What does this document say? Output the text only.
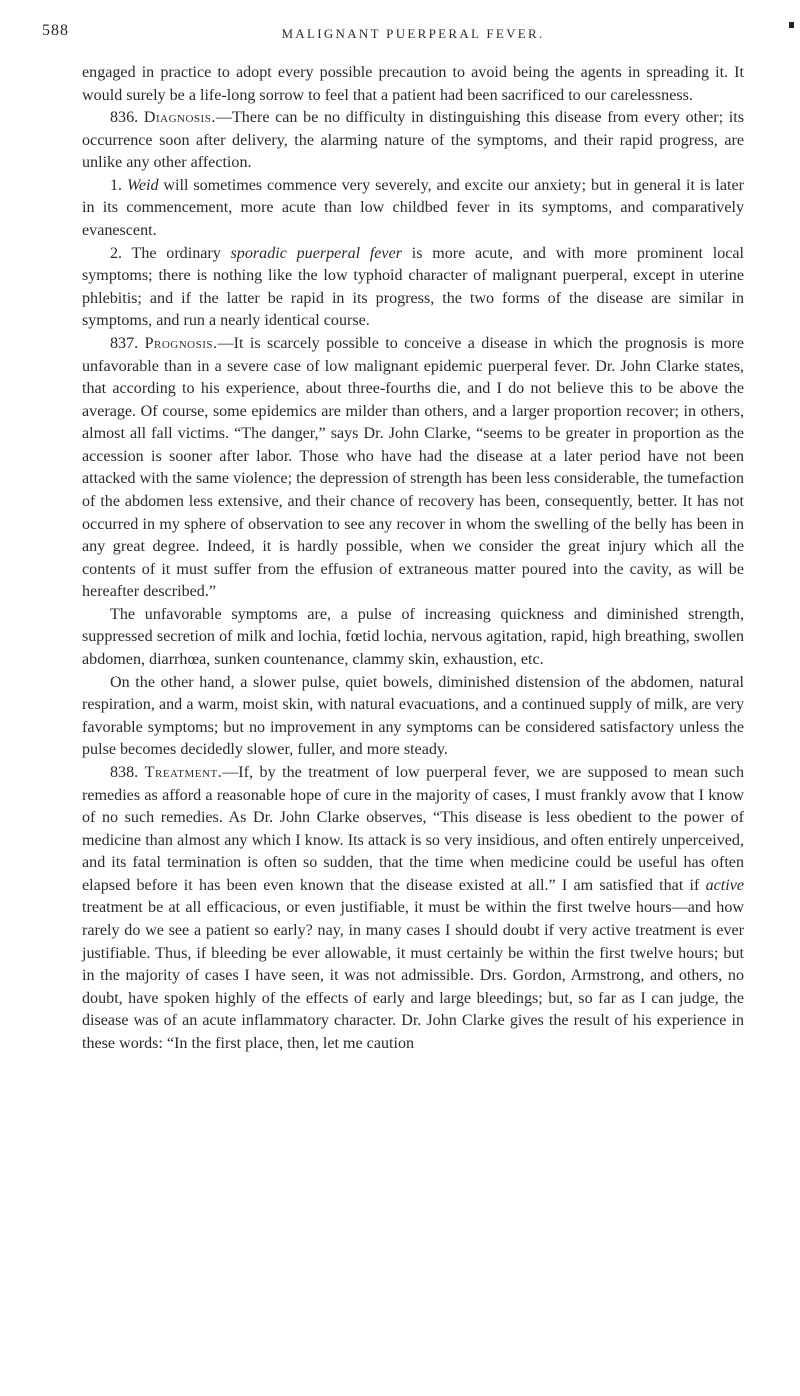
588	MALIGNANT PUERPERAL FEVER.

engaged in practice to adopt every possible precaution to avoid being the agents in spreading it. It would surely be a life-long sorrow to feel that a patient had been sacrificed to our carelessness.

836. Diagnosis.—There can be no difficulty in distinguishing this disease from every other; its occurrence soon after delivery, the alarming nature of the symptoms, and their rapid progress, are unlike any other affection.

1. Weid will sometimes commence very severely, and excite our anxiety; but in general it is later in its commencement, more acute than low childbed fever in its symptoms, and comparatively evanescent.

2. The ordinary sporadic puerperal fever is more acute, and with more prominent local symptoms; there is nothing like the low typhoid character of malignant puerperal, except in uterine phlebitis; and if the latter be rapid in its progress, the two forms of the disease are similar in symptoms, and run a nearly identical course.

837. Prognosis.—It is scarcely possible to conceive a disease in which the prognosis is more unfavorable than in a severe case of low malignant epidemic puerperal fever. Dr. John Clarke states, that according to his experience, about three-fourths die, and I do not believe this to be above the average. Of course, some epidemics are milder than others, and a larger proportion recover; in others, almost all fall victims. “The danger,” says Dr. John Clarke, “seems to be greater in proportion as the accession is sooner after labor. Those who have had the disease at a later period have not been attacked with the same violence; the depression of strength has been less considerable, the tumefaction of the abdomen less extensive, and their chance of recovery has been, consequently, better. It has not occurred in my sphere of observation to see any recover in whom the swelling of the belly has been in any great degree. Indeed, it is hardly possible, when we consider the great injury which all the contents of it must suffer from the effusion of extraneous matter poured into the cavity, as will be hereafter described.”

The unfavorable symptoms are, a pulse of increasing quickness and diminished strength, suppressed secretion of milk and lochia, fœtid lochia, nervous agitation, rapid, high breathing, swollen abdomen, diarrhœa, sunken countenance, clammy skin, exhaustion, etc.

On the other hand, a slower pulse, quiet bowels, diminished distension of the abdomen, natural respiration, and a warm, moist skin, with natural evacuations, and a continued supply of milk, are very favorable symptoms; but no improvement in any symptoms can be considered satisfactory unless the pulse becomes decidedly slower, fuller, and more steady.

838. Treatment.—If, by the treatment of low puerperal fever, we are supposed to mean such remedies as afford a reasonable hope of cure in the majority of cases, I must frankly avow that I know of no such remedies. As Dr. John Clarke observes, “This disease is less obedient to the power of medicine than almost any which I know. Its attack is so very insidious, and often entirely unperceived, and its fatal termination is often so sudden, that the time when medicine could be useful has often elapsed before it has been even known that the disease existed at all.” I am satisfied that if active treatment be at all efficacious, or even justifiable, it must be within the first twelve hours—and how rarely do we see a patient so early? nay, in many cases I should doubt if very active treatment is ever justifiable. Thus, if bleeding be ever allowable, it must certainly be within the first twelve hours; but in the majority of cases I have seen, it was not admissible. Drs. Gordon, Armstrong, and others, no doubt, have spoken highly of the effects of early and large bleedings; but, so far as I can judge, the disease was of an acute inflammatory character. Dr. John Clarke gives the result of his experience in these words: “In the first place, then, let me caution
